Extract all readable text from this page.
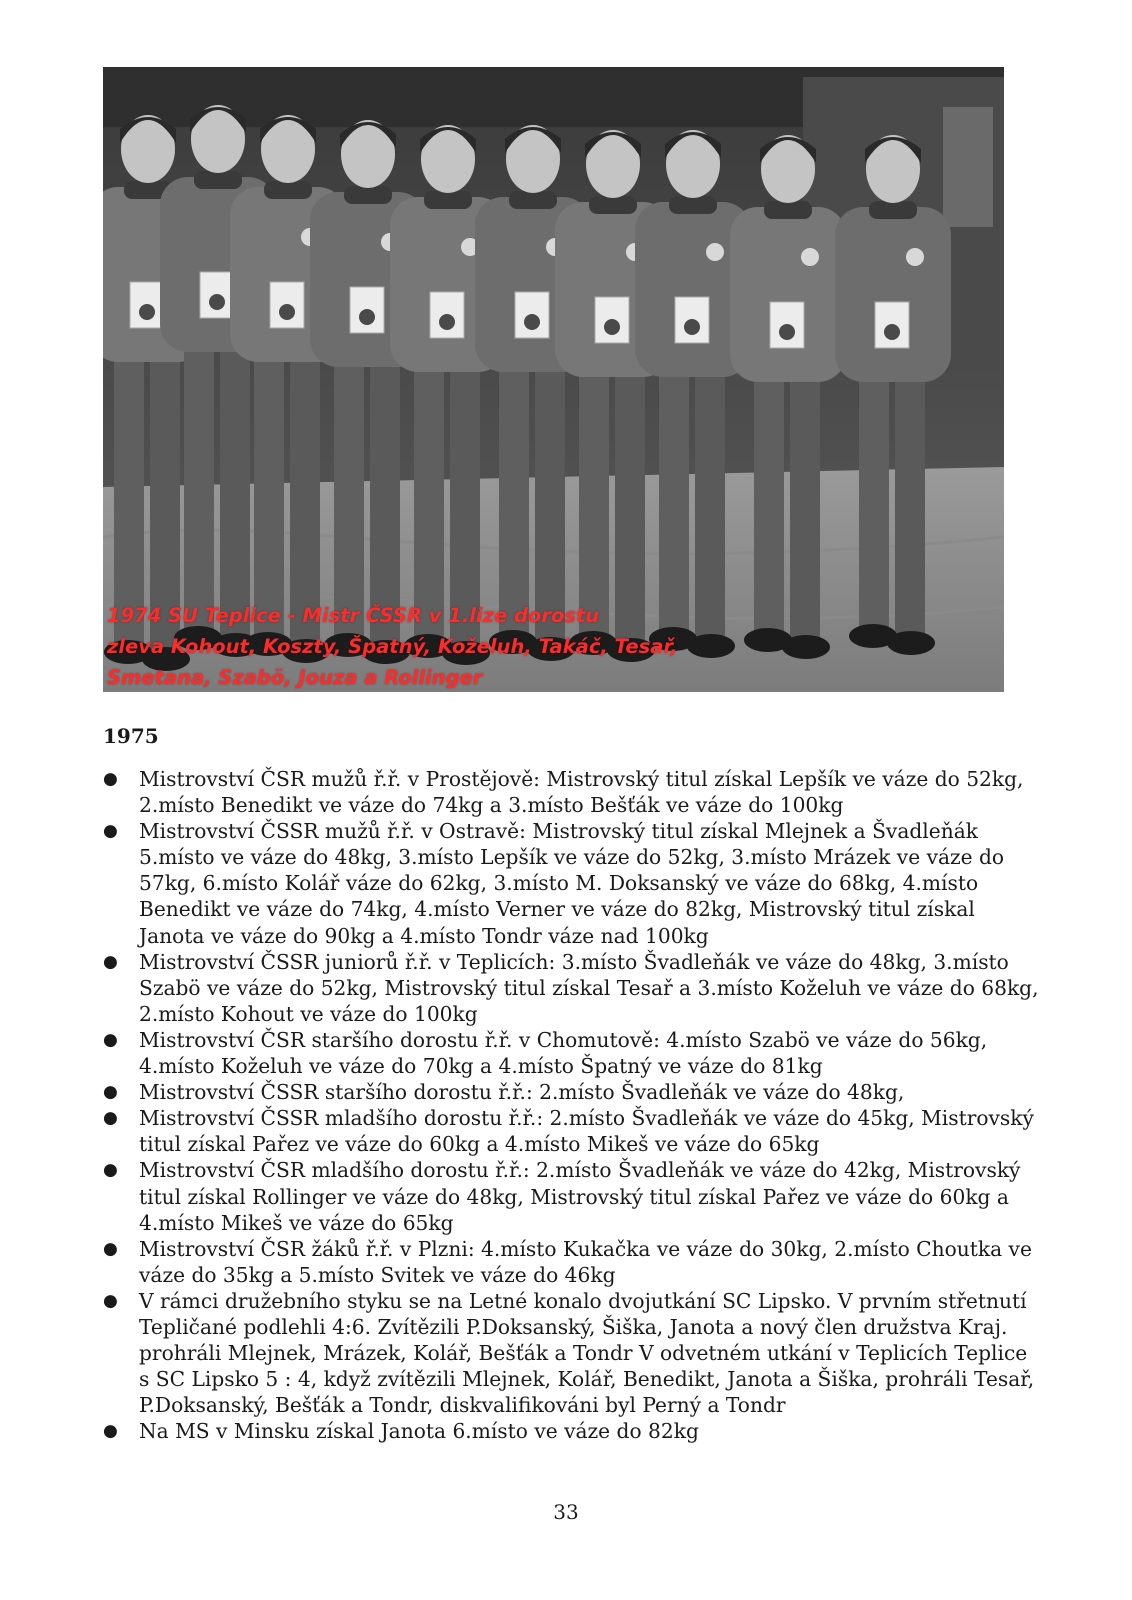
1974 SU Teplice - Mistr ČSSR v 1.lize dorostu
zleva Kohout, Koszty, Špatný, Koželuh, Takáč, Tesař,
Smetana, Szabö, Jouza a Rollinger
1975
●	Mistrovství ČSR mužů ř.ř. v Prostějově: Mistrovský titul získal Lepšík ve váze do 52kg, 2.místo Benedikt ve váze do 74kg a 3.místo Bešťák ve váze do 100kg
●	Mistrovství ČSSR mužů ř.ř. v Ostravě: Mistrovský titul získal Mlejnek a Švadleňák 5.místo ve váze do 48kg, 3.místo Lepšík ve váze do 52kg, 3.místo Mrázek ve váze do 57kg, 6.místo Kolář váze do 62kg, 3.místo M. Doksanský ve váze do 68kg, 4.místo Benedikt ve váze do 74kg, 4.místo Verner ve váze do 82kg, Mistrovský titul získal Janota ve váze do 90kg a 4.místo Tondr váze nad 100kg
●	Mistrovství ČSSR juniorů ř.ř. v Teplicích: 3.místo Švadleňák ve váze do 48kg, 3.místo Szabö ve váze do 52kg, Mistrovský titul získal Tesař a 3.místo Koželuh ve váze do 68kg, 2.místo Kohout ve váze do 100kg
●	Mistrovství ČSR staršího dorostu ř.ř. v Chomutově: 4.místo Szabö ve váze do 56kg, 4.místo Koželuh ve váze do 70kg a 4.místo Špatný ve váze do 81kg
●	Mistrovství ČSSR staršího dorostu ř.ř.: 2.místo Švadleňák ve váze do 48kg,
●	Mistrovství ČSSR mladšího dorostu ř.ř.: 2.místo Švadleňák ve váze do 45kg, Mistrovský titul získal Pařez ve váze do 60kg a 4.místo Mikeš ve váze do 65kg
●	Mistrovství ČSR mladšího dorostu ř.ř.: 2.místo Švadleňák ve váze do 42kg, Mistrovský titul získal Rollinger ve váze do 48kg, Mistrovský titul získal Pařez ve váze do 60kg a 4.místo Mikeš ve váze do 65kg
●	Mistrovství ČSR žáků ř.ř. v Plzni: 4.místo Kukačka ve váze do 30kg, 2.místo Choutka ve váze do 35kg a 5.místo Svitek ve váze do 46kg
●	V rámci družebního styku se na Letné konalo dvojutkání SC Lipsko. V prvním střetnutí Tepličané podlehli 4:6. Zvítězili P.Doksanský, Šiška, Janota a nový člen družstva Kraj. prohráli Mlejnek, Mrázek, Kolář, Bešťák a Tondr V odvetném utkání v Teplicích Teplice s SC Lipsko 5 : 4, když zvítězili Mlejnek, Kolář, Benedikt, Janota a Šiška, prohráli Tesař, P.Doksanský, Bešťák a Tondr, diskvalifikováni byl Perný a Tondr
●	Na MS v Minsku získal Janota 6.místo ve váze do 82kg

33
